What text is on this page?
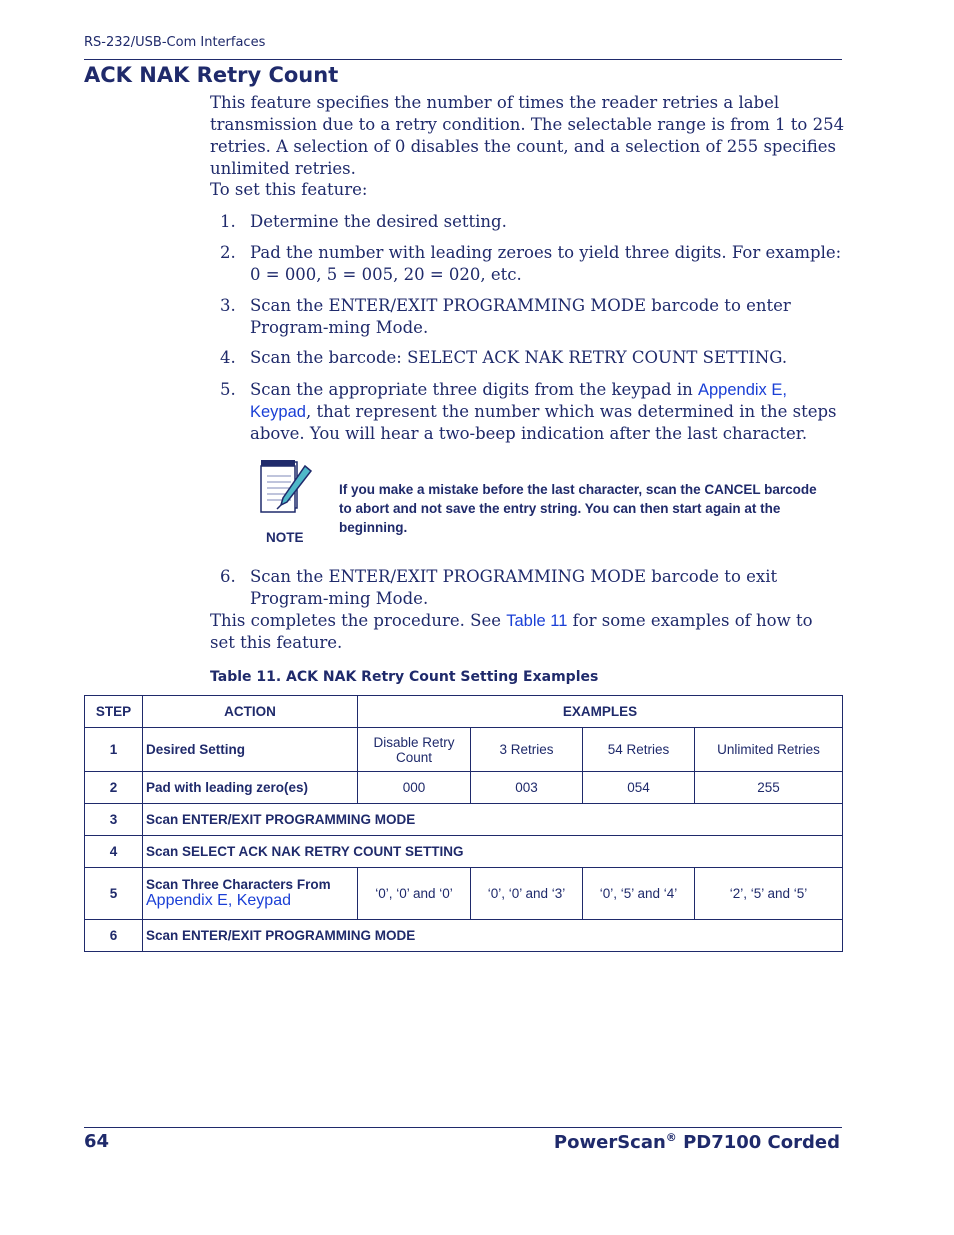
RS-232/USB-Com Interfaces
ACK NAK Retry Count

This feature specifies the number of times the reader retries a label transmission due to a retry condition. The selectable range is from 1 to 254 retries. A selection of 0 disables the count, and a selection of 255 specifies unlimited retries.

To set this feature:

1. Determine the desired setting.
2. Pad the number with leading zeroes to yield three digits. For example: 0 = 000, 5 = 005, 20 = 020, etc.
3. Scan the ENTER/EXIT PROGRAMMING MODE barcode to enter Program-ming Mode.
4. Scan the barcode: SELECT ACK NAK RETRY COUNT SETTING.
5. Scan the appropriate three digits from the keypad in Appendix E, Keypad, that represent the number which was determined in the steps above. You will hear a two-beep indication after the last character.
NOTE
If you make a mistake before the last character, scan the CANCEL barcode to abort and not save the entry string. You can then start again at the beginning.
6. Scan the ENTER/EXIT PROGRAMMING MODE barcode to exit Program-ming Mode.

This completes the procedure. See Table 11 for some examples of how to set this feature.

Table 11. ACK NAK Retry Count Setting Examples
STEP	ACTION	EXAMPLES			
1	Desired Setting	Disable Retry Count	3 Retries	54 Retries	Unlimited Retries
2	Pad with leading zero(es)	000	003	054	255
3	Scan ENTER/EXIT PROGRAMMING MODE				
4	Scan SELECT ACK NAK RETRY COUNT SETTING				
5	Scan Three Characters From
Appendix E, Keypad	‘0’, ‘0’ and ‘0’	‘0’, ‘0’ and ‘3’	‘0’, ‘5’ and ‘4’	‘2’, ‘5’ and ‘5’
6	Scan ENTER/EXIT PROGRAMMING MODE				
64	PowerScan® PD7100 Corded
